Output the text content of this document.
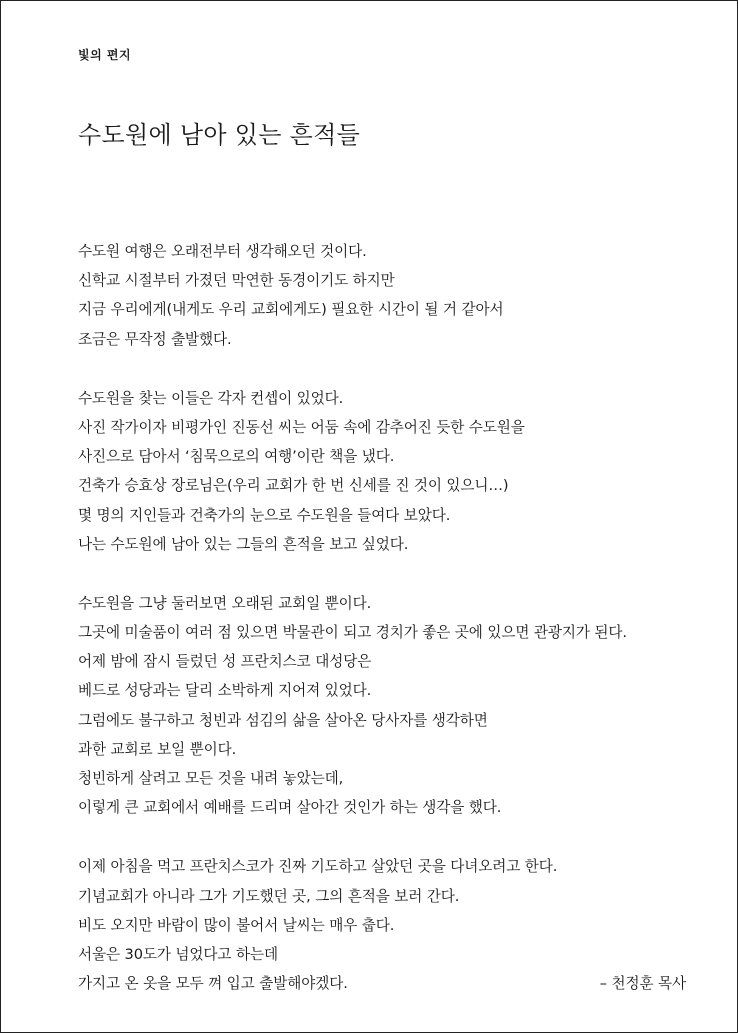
빛의 편지
수도원에 남아 있는 흔적들
수도원 여행은 오래전부터 생각해오던 것이다.
신학교 시절부터 가졌던 막연한 동경이기도 하지만
지금 우리에게(내게도 우리 교회에게도) 필요한 시간이 될 거 같아서
조금은 무작정 출발했다.
수도원을 찾는 이들은 각자 컨셉이 있었다.
사진 작가이자 비평가인 진동선 씨는 어둠 속에 감추어진 듯한 수도원을
사진으로 담아서 ‘침묵으로의 여행’이란 책을 냈다.
건축가 승효상 장로님은(우리 교회가 한 번 신세를 진 것이 있으니…)
몇 명의 지인들과 건축가의 눈으로 수도원을 들여다 보았다.
나는 수도원에 남아 있는 그들의 흔적을 보고 싶었다.
수도원을 그냥 둘러보면 오래된 교회일 뿐이다.
그곳에 미술품이 여러 점 있으면 박물관이 되고 경치가 좋은 곳에 있으면 관광지가 된다.
어제 밤에 잠시 들렀던 성 프란치스코 대성당은
베드로 성당과는 달리 소박하게 지어져 있었다.
그럼에도 불구하고 청빈과 섬김의 삶을 살아온 당사자를 생각하면
과한 교회로 보일 뿐이다.
청빈하게 살려고 모든 것을 내려 놓았는데,
이렇게 큰 교회에서 예배를 드리며 살아간 것인가 하는 생각을 했다.
이제 아침을 먹고 프란치스코가 진짜 기도하고 살았던 곳을 다녀오려고 한다.
기념교회가 아니라 그가 기도했던 곳, 그의 흔적을 보러 간다.
비도 오지만 바람이 많이 불어서 날씨는 매우 춥다.
서울은 30도가 넘었다고 하는데
가지고 온 옷을 모두 껴 입고 출발해야겠다.	– 천정훈 목사
